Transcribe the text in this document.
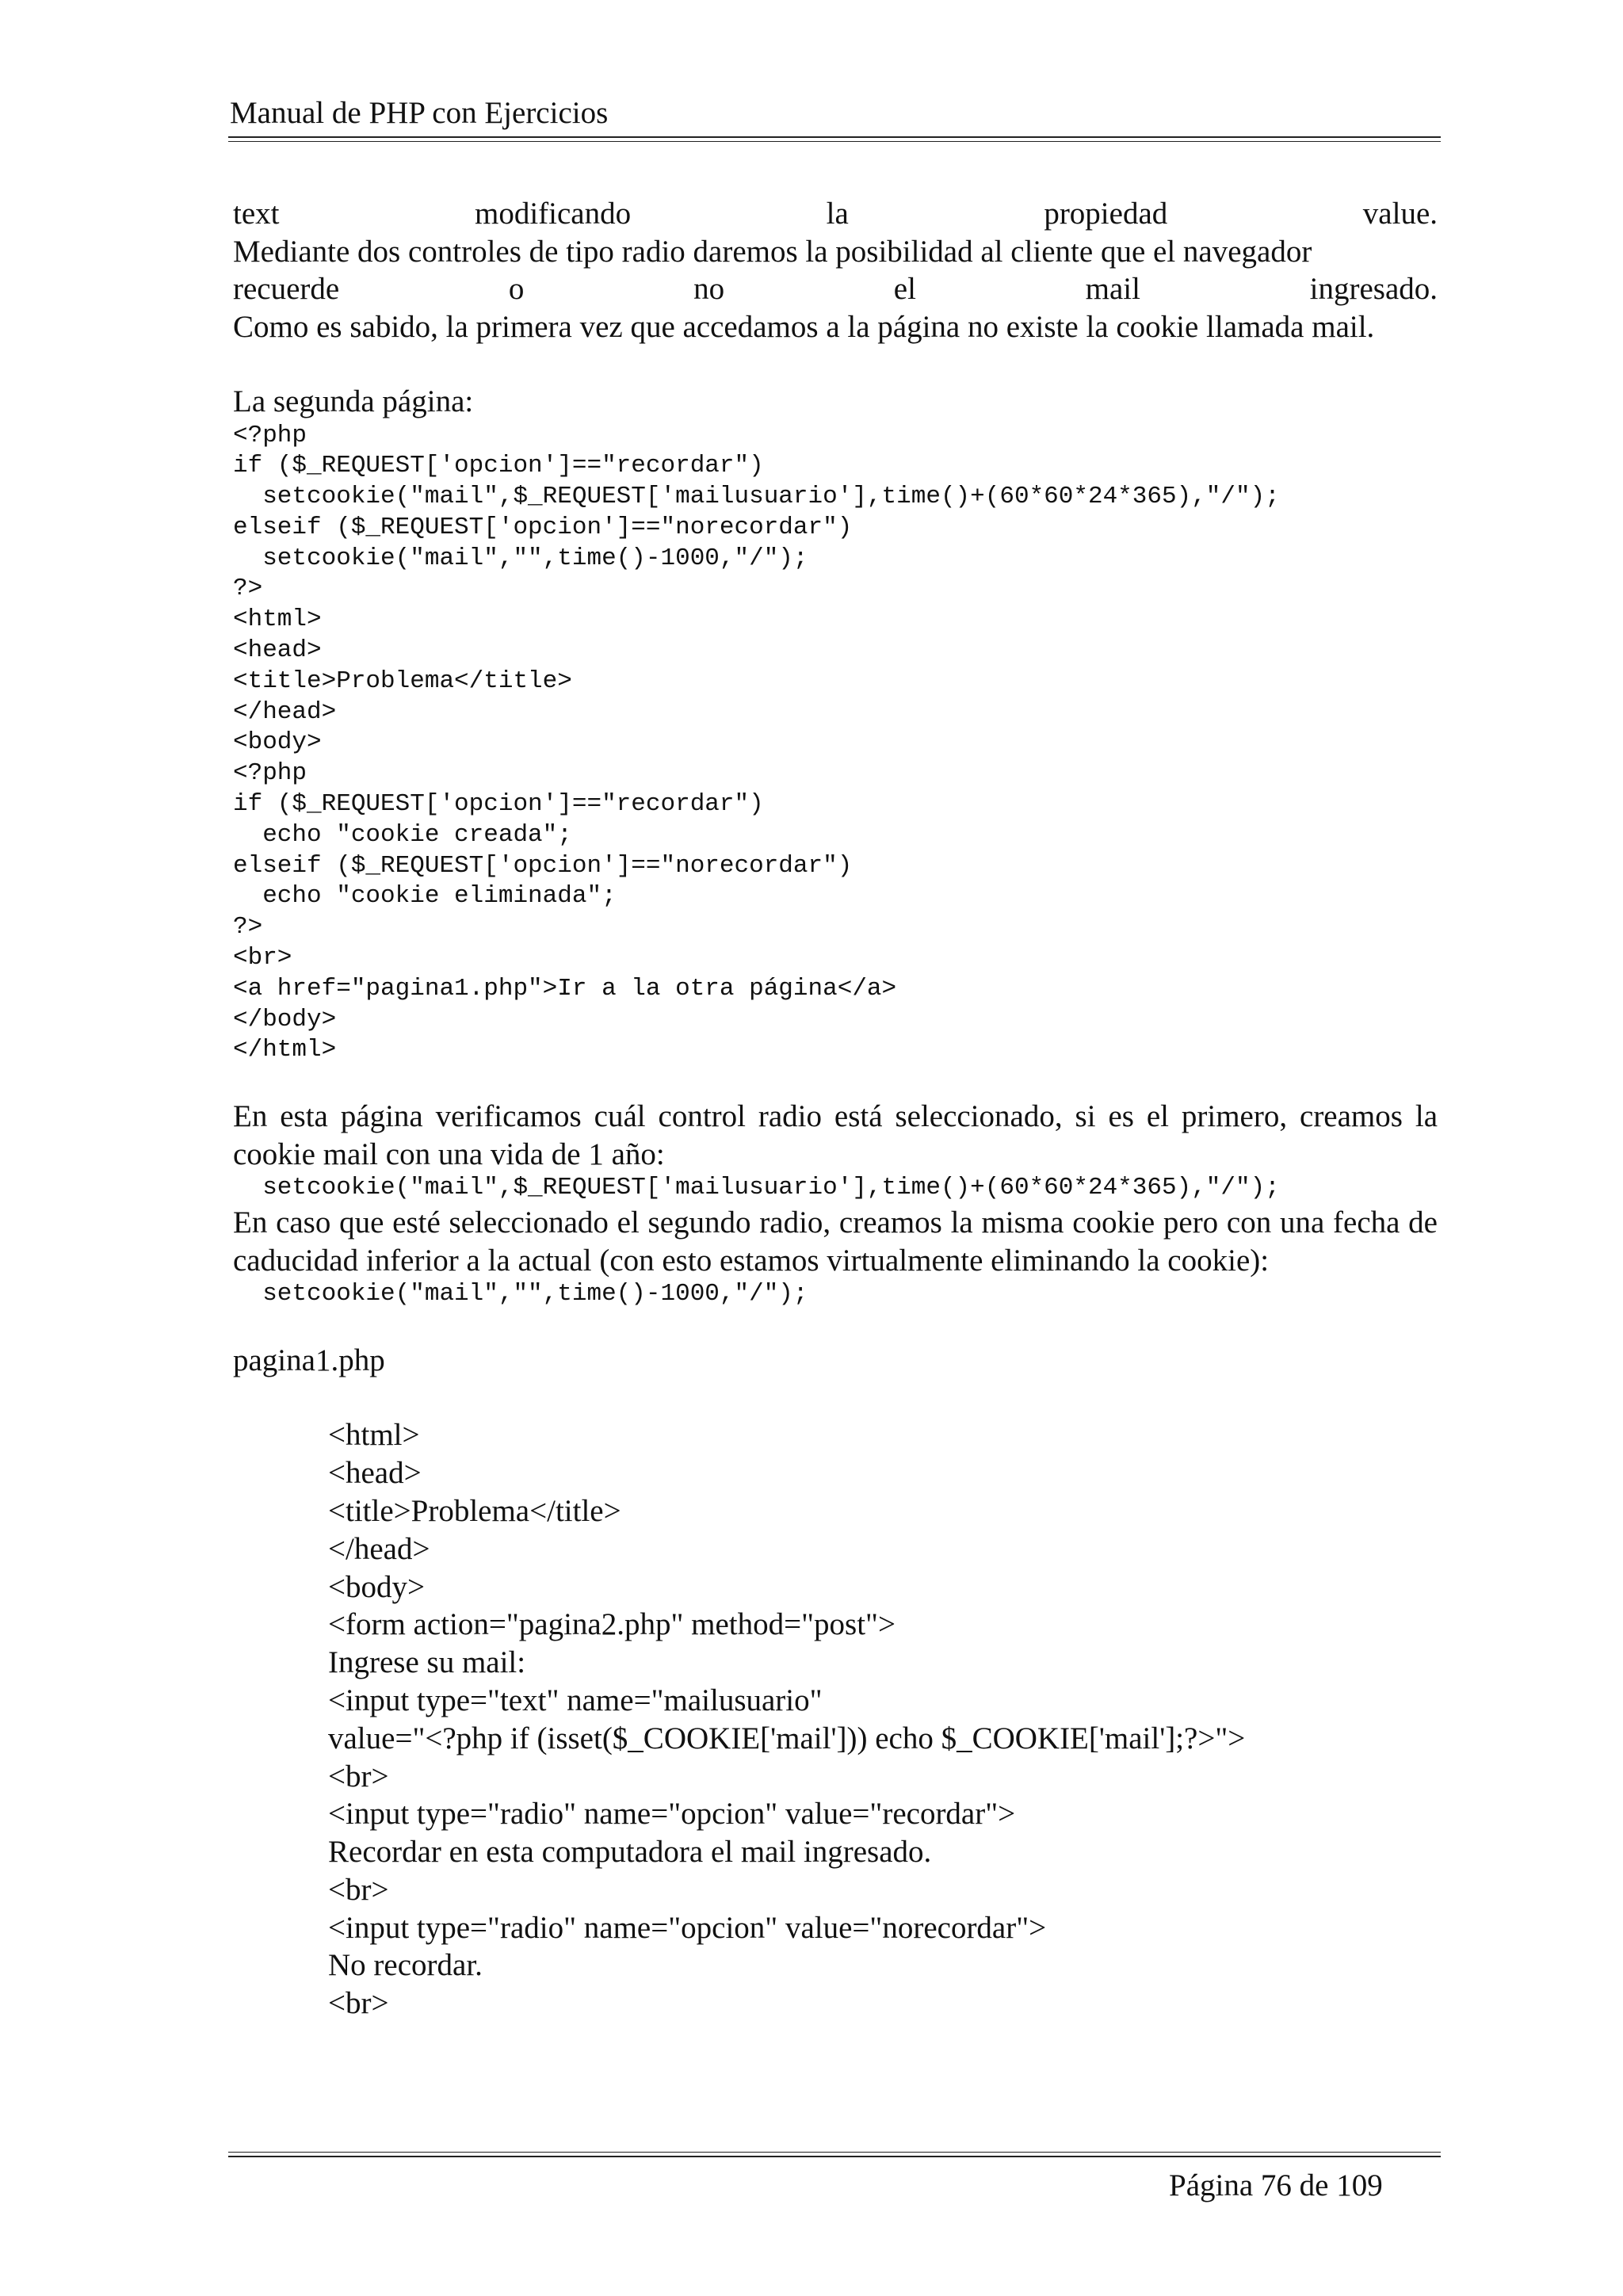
Manual de PHP con Ejercicios

text modificando la propiedad value.

Mediante dos controles de tipo radio daremos la posibilidad al cliente que el navegador

recuerde o no el mail ingresado.

Como es sabido, la primera vez que accedamos a la página no existe la cookie llamada mail.

La segunda página:

<?php
if ($_REQUEST['opcion']=="recordar")
setcookie("mail",$_REQUEST['mailusuario'],time()+(60*60*24*365),"/");
elseif ($_REQUEST['opcion']=="norecordar")
setcookie("mail","",time()-1000,"/");
?>
<html>
<head>
<title>Problema</title>
</head>
<body>
<?php
if ($_REQUEST['opcion']=="recordar")
echo "cookie creada";
elseif ($_REQUEST['opcion']=="norecordar")
echo "cookie eliminada";
?>
<br>
<a href="pagina1.php">Ir a la otra página</a>
</body>
</html>

En esta página verificamos cuál control radio está seleccionado, si es el primero, creamos la cookie mail con una vida de 1 año:

setcookie("mail",$_REQUEST['mailusuario'],time()+(60*60*24*365),"/");

En caso que esté seleccionado el segundo radio, creamos la misma cookie pero con una fecha de caducidad inferior a la actual (con esto estamos virtualmente eliminando la cookie):

setcookie("mail","",time()-1000,"/");

pagina1.php

<html>

<head>

<title>Problema</title>

</head>

<body>

<form action="pagina2.php" method="post">

Ingrese su mail:

<input type="text" name="mailusuario"

value="<?php if (isset($_COOKIE['mail'])) echo $_COOKIE['mail'];?>">

<br>

<input type="radio" name="opcion" value="recordar">

Recordar en esta computadora el mail ingresado.

<br>

<input type="radio" name="opcion" value="norecordar">

No recordar.

<br>

Página 76 de 109
